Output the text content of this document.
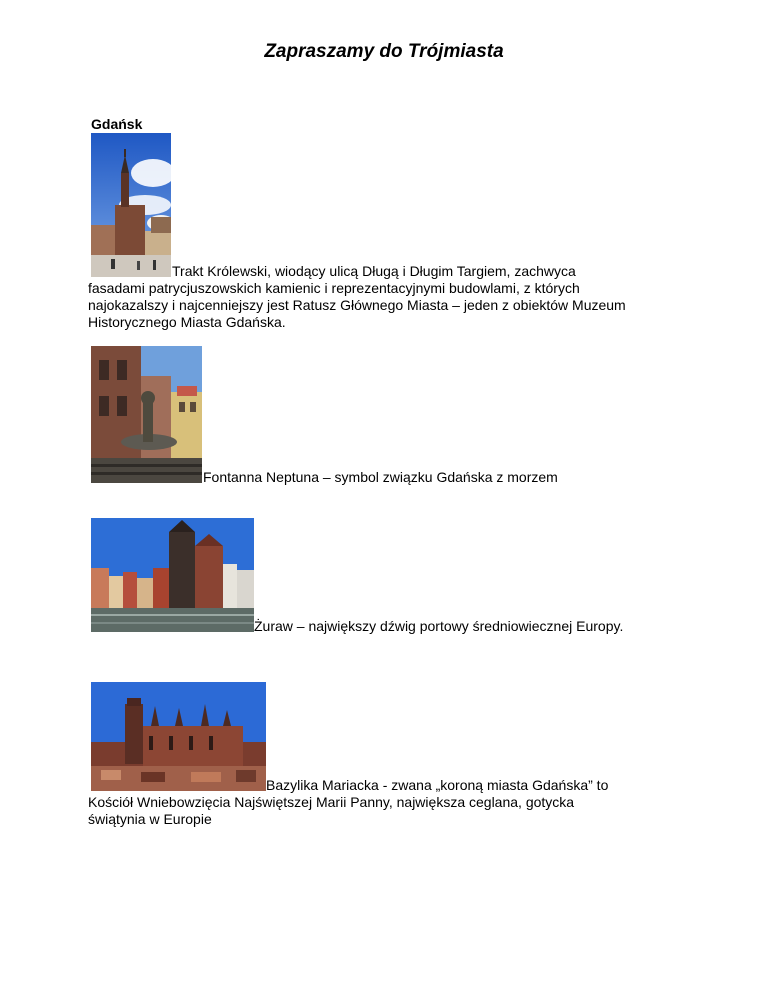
Zapraszamy do Trójmiasta
Gdańsk
Trakt Królewski, wiodący ulicą Długą i Długim Targiem, zachwyca
fasadami patrycjuszowskich kamienic i reprezentacyjnymi budowlami, z których najokazalszy i najcenniejszy jest Ratusz Głównego Miasta – jeden z obiektów Muzeum Historycznego Miasta Gdańska.
Fontanna Neptuna – symbol związku Gdańska z morzem
Żuraw – największy dźwig portowy średniowiecznej Europy.
Bazylika Mariacka - zwana „koroną miasta Gdańska” to
Kościół Wniebowzięcia Najświętszej Marii Panny, największa ceglana, gotycka świątynia w Europie
